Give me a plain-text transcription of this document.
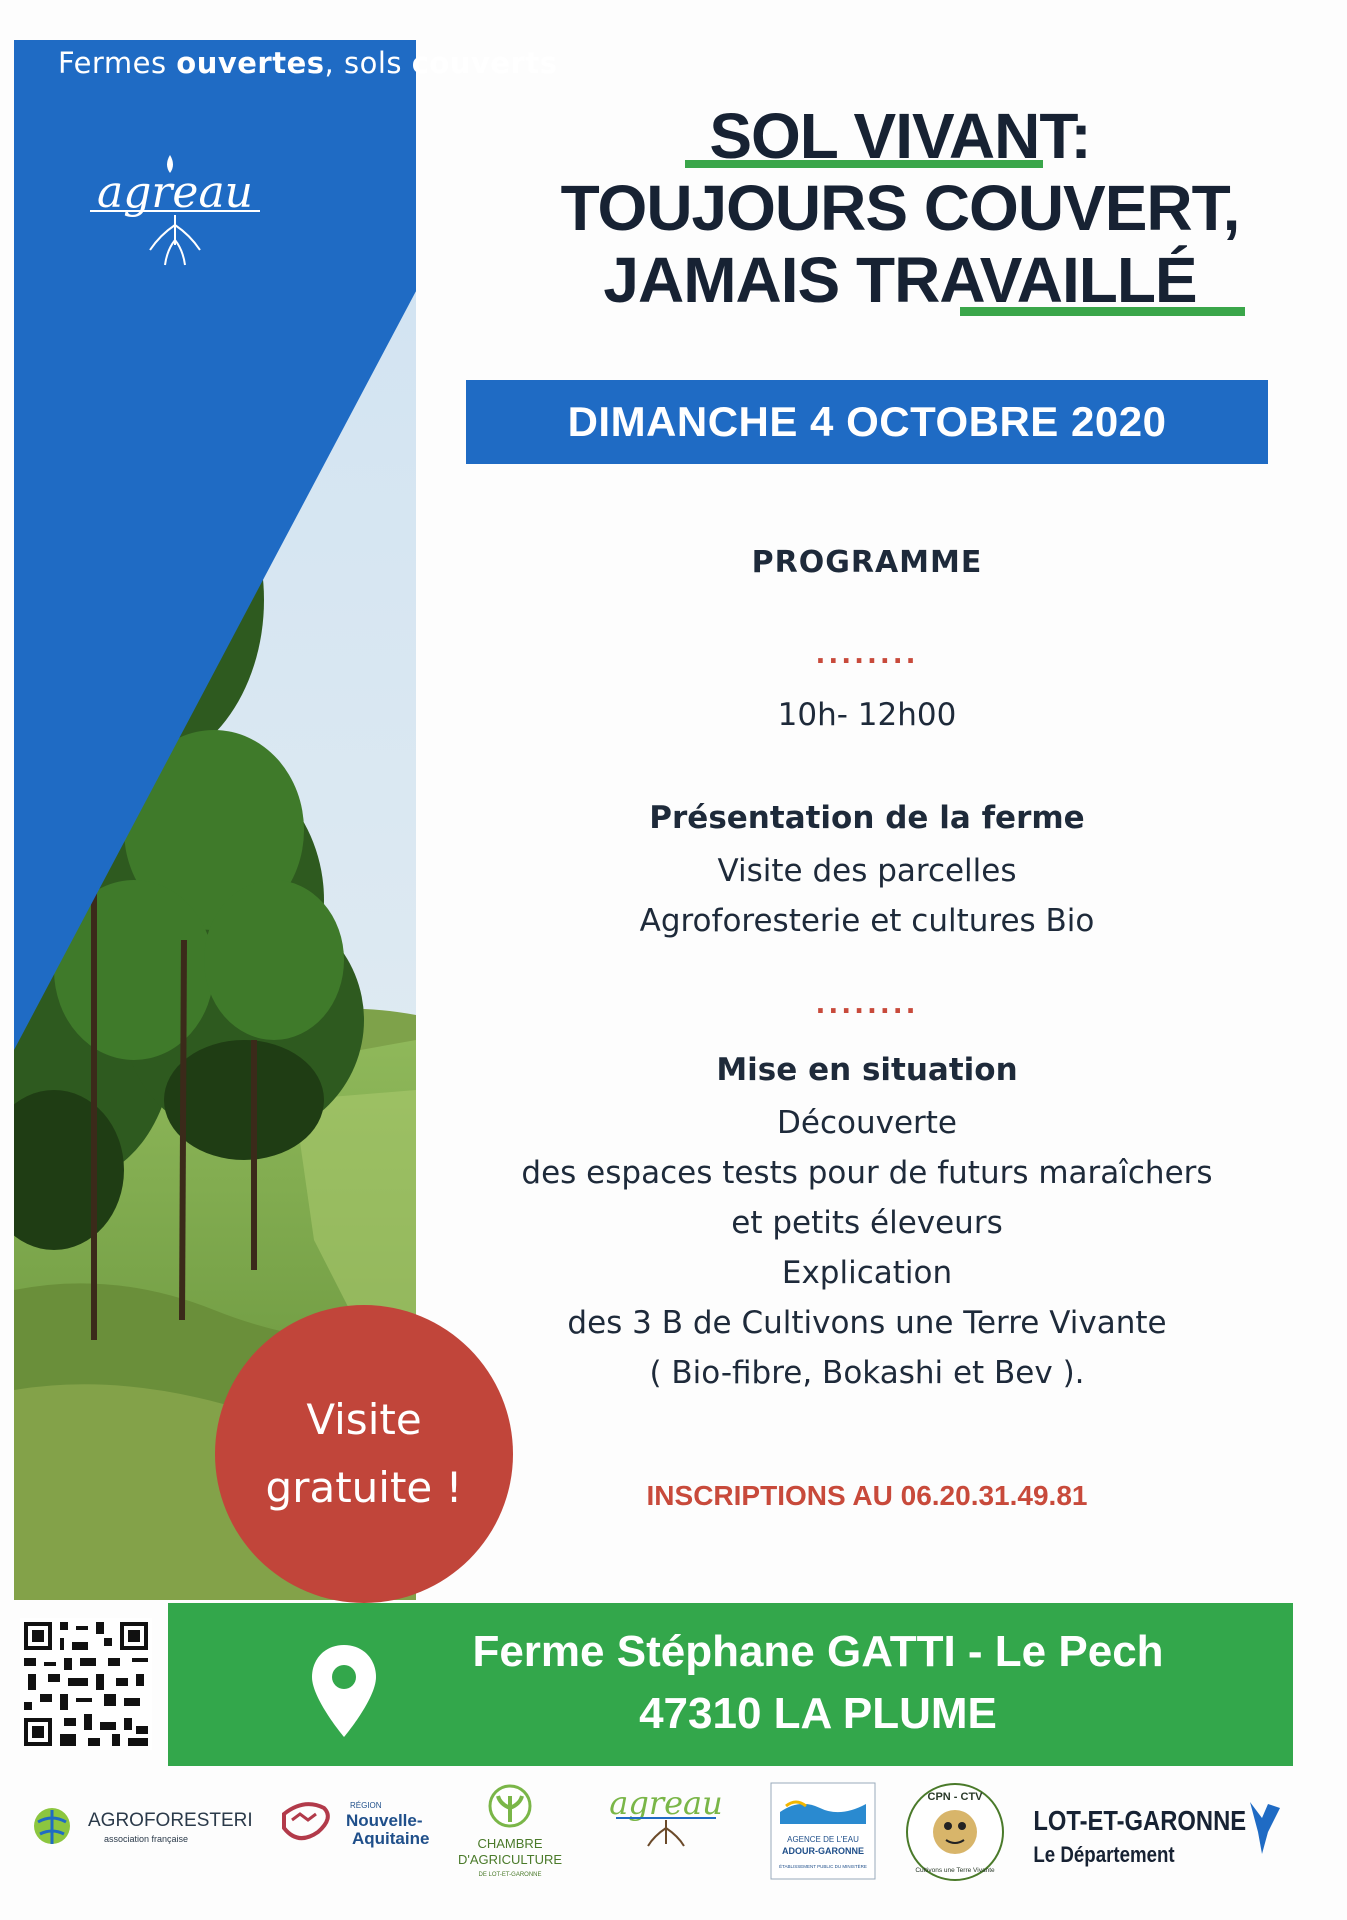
Fermes ouvertes, sols couverts
agreau
SOL VIVANT:
TOUJOURS COUVERT,
JAMAIS TRAVAILLÉ
DIMANCHE 4 OCTOBRE 2020
PROGRAMME
........
10h- 12h00
Présentation de la ferme
Visite des parcelles
Agroforesterie et cultures Bio
........
Mise en situation
Découverte
des espaces tests pour de futurs maraîchers
et petits éleveurs
Explication
des 3 B de Cultivons une Terre Vivante
( Bio-fibre, Bokashi et Bev ).
INSCRIPTIONS AU 06.20.31.49.81
Visite
gratuite !
Ferme Stéphane GATTI - Le Pech
47310 LA PLUME
AGROFORESTERIE
association française
RÉGION
Nouvelle-
Aquitaine	CHAMBRE
D'AGRICULTURE
DE LOT-ET-GARONNE
agreau
AGENCE DE L'EAU
ADOUR-GARONNE
ÉTABLISSEMENT PUBLIC DU MINISTÈRE
CPN - CTV
Cultivons une Terre Vivante
LOT-ET-GARONNE
Le Département
